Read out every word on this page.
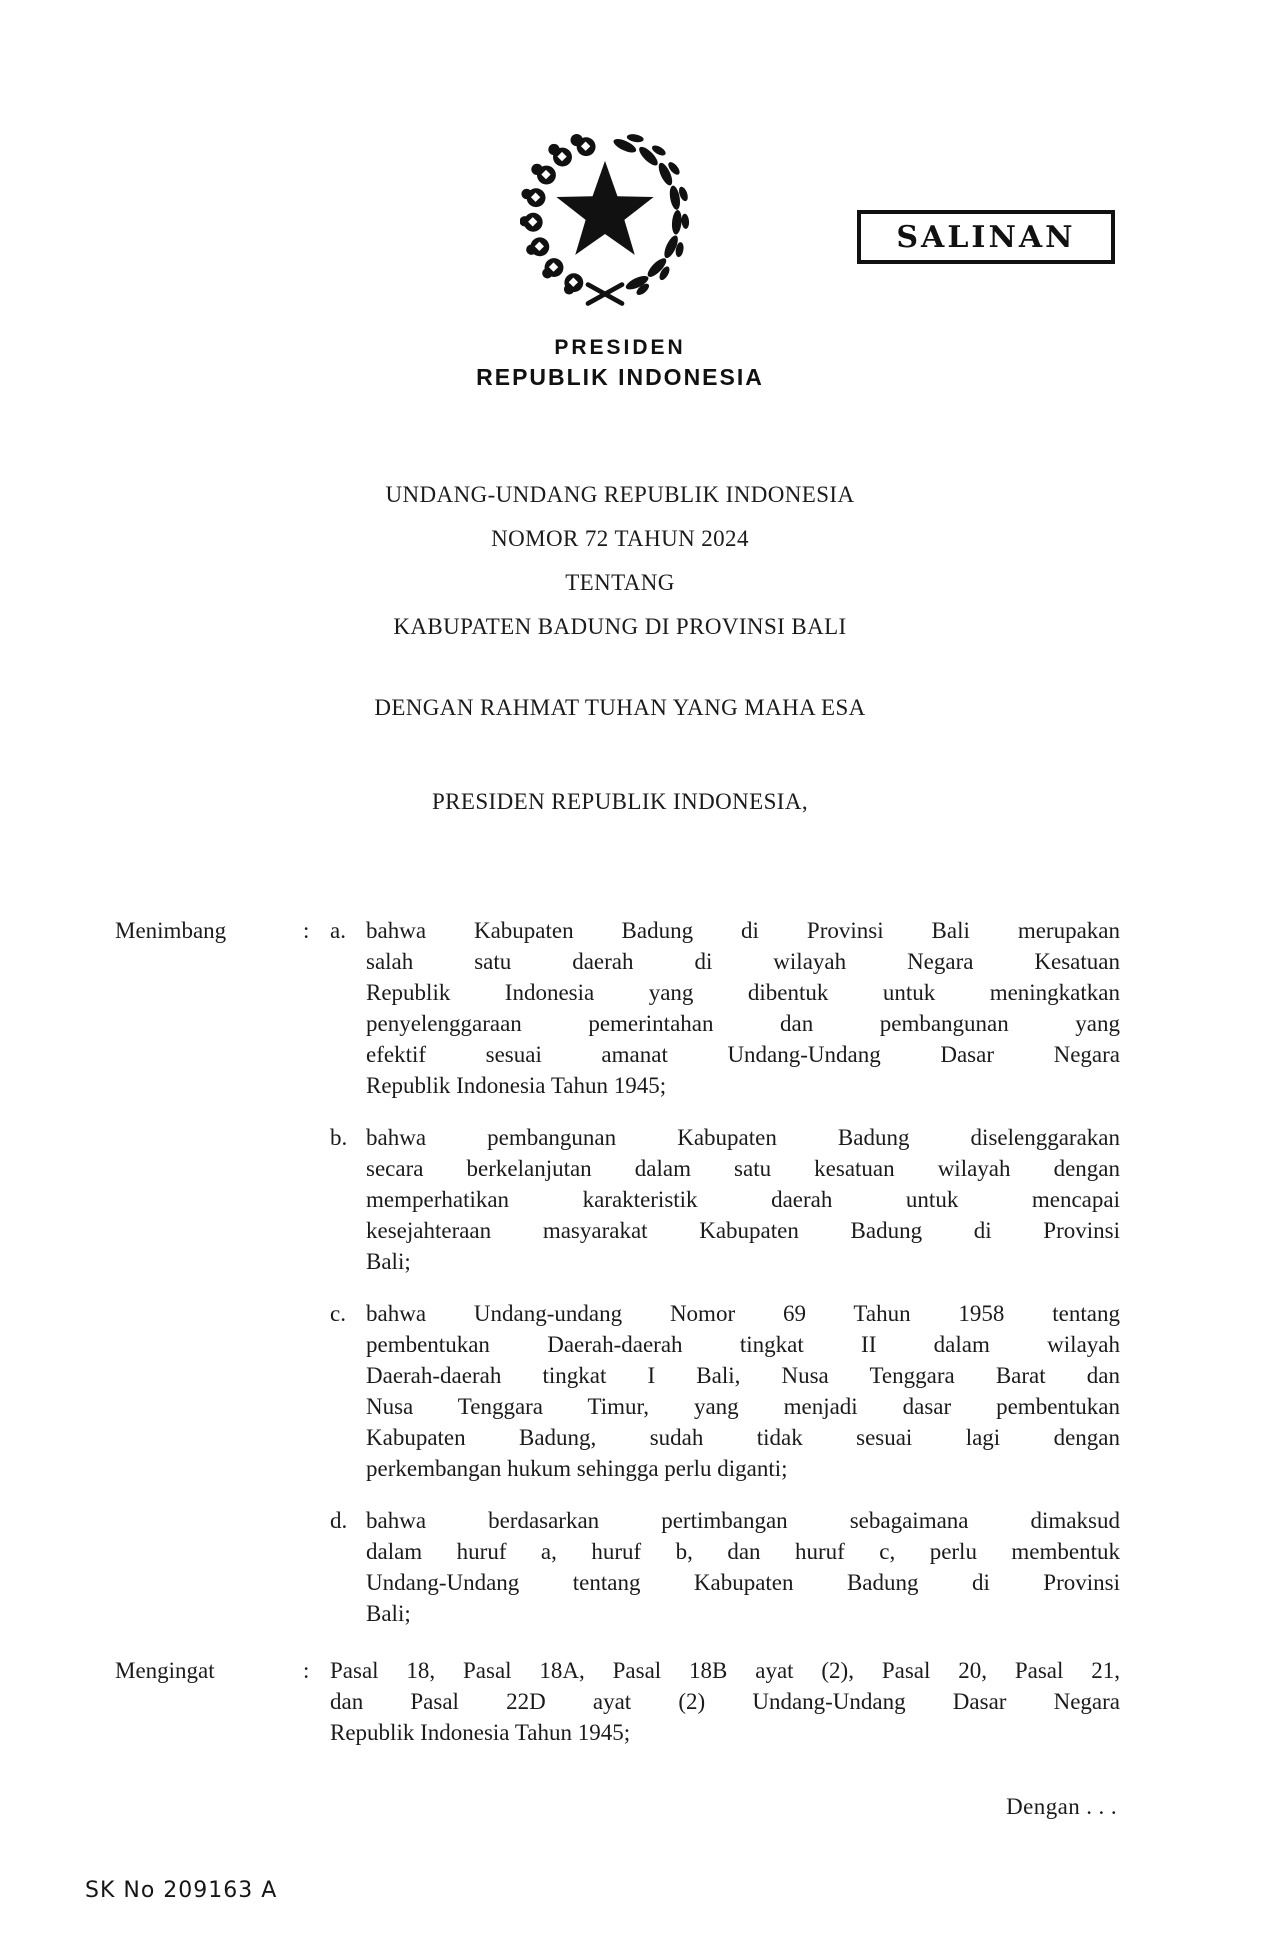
SALINAN
PRESIDEN
REPUBLIK INDONESIA
UNDANG-UNDANG REPUBLIK INDONESIA
NOMOR 72 TAHUN 2024
TENTANG
KABUPATEN BADUNG DI PROVINSI BALI
DENGAN RAHMAT TUHAN YANG MAHA ESA
PRESIDEN REPUBLIK INDONESIA,
Menimbang	: a. bahwa Kabupaten Badung di Provinsi Bali merupakan
salah satu daerah di wilayah Negara Kesatuan
Republik Indonesia yang dibentuk untuk meningkatkan
penyelenggaraan pemerintahan dan pembangunan yang
efektif sesuai amanat Undang-Undang Dasar Negara
Republik Indonesia Tahun 1945;
b. bahwa pembangunan Kabupaten Badung diselenggarakan
secara berkelanjutan dalam satu kesatuan wilayah dengan
memperhatikan karakteristik daerah untuk mencapai
kesejahteraan masyarakat Kabupaten Badung di Provinsi
Bali;
c. bahwa Undang-undang Nomor 69 Tahun 1958 tentang
pembentukan Daerah-daerah tingkat II dalam wilayah
Daerah-daerah tingkat I Bali, Nusa Tenggara Barat dan
Nusa Tenggara Timur, yang menjadi dasar pembentukan
Kabupaten Badung, sudah tidak sesuai lagi dengan
perkembangan hukum sehingga perlu diganti;
d. bahwa berdasarkan pertimbangan sebagaimana dimaksud
dalam huruf a, huruf b, dan huruf c, perlu membentuk
Undang-Undang tentang Kabupaten Badung di Provinsi
Bali;
Mengingat	: Pasal 18, Pasal 18A, Pasal 18B ayat (2), Pasal 20, Pasal 21,
dan Pasal 22D ayat (2) Undang-Undang Dasar Negara
Republik Indonesia Tahun 1945;
Dengan . . .
SK No 209163 A
